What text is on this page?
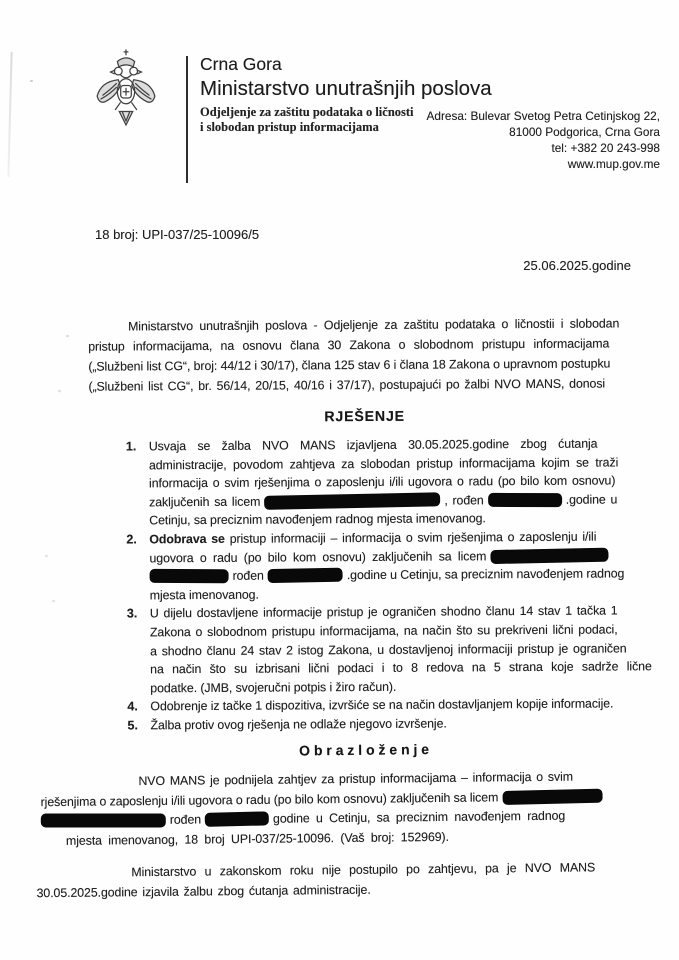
Crna Gora
Ministarstvo unutrašnjih poslova
Odjeljenje za zaštitu podataka o ličnosti
i slobodan pristup informacijama
Adresa: Bulevar Svetog Petra Cetinjskog 22,
81000 Podgorica, Crna Gora
tel: +382 20 243-998
www.mup.gov.me
18 broj: UPI-037/25-10096/5
25.06.2025.godine
Ministarstvo unutrašnjih poslova - Odjeljenje za zaštitu podataka o ličnostii i slobodan
pristup informacijama, na osnovu člana 30 Zakona o slobodnom pristupu informacijama
(„Službeni list CG“, broj: 44/12 i 30/17), člana 125 stav 6 i člana 18 Zakona o upravnom postupku
(„Službeni list CG“, br. 56/14, 20/15, 40/16 i 37/17), postupajući po žalbi NVO MANS, donosi
RJEŠENJE
1. Usvaja se žalba NVO MANS izjavljena 30.05.2025.godine zbog ćutanja
administracije, povodom zahtjeva za slobodan pristup informacijama kojim se traži
informacija o svim rješenjima o zaposlenju i/ili ugovora o radu (po bilo kom osnovu)
zaključenih sa licem	, rođen	.godine u
Cetinju, sa preciznim navođenjem radnog mjesta imenovanog.
2. Odobrava se pristup informaciji – informacija o svim rješenjima o zaposlenju i/ili
ugovora o radu (po bilo kom osnovu) zaključenih sa licem
rođen	.godine u Cetinju, sa preciznim navođenjem radnog
mjesta imenovanog.
3. U dijelu dostavljene informacije pristup je ograničen shodno članu 14 stav 1 tačka 1
Zakona o slobodnom pristupu informacijama, na način što su prekriveni lični podaci,
a shodno članu 24 stav 2 istog Zakona, u dostavljenoj informaciji pristup je ograničen
na način što su izbrisani lični podaci i to 8 redova na 5 strana koje sadrže lične
podatke. (JMB, svojeručni potpis i žiro račun).
4. Odobrenje iz tačke 1 dispozitiva, izvršiće se na način dostavljanjem kopije informacije.
5. Žalba protiv ovog rješenja ne odlaže njegovo izvršenje.
O b r a z l o ž e n j e
NVO MANS je podnijela zahtjev za pristup informacijama – informacija o svim
rješenjima o zaposlenju i/ili ugovora o radu (po bilo kom osnovu) zaključenih sa licem
rođen	godine u Cetinju, sa preciznim navođenjem radnog
mjesta imenovanog, 18 broj UPI-037/25-10096. (Vaš broj: 152969).
Ministarstvo u zakonskom roku nije postupilo po zahtjevu, pa je NVO MANS
30.05.2025.godine izjavila žalbu zbog ćutanja administracije.
